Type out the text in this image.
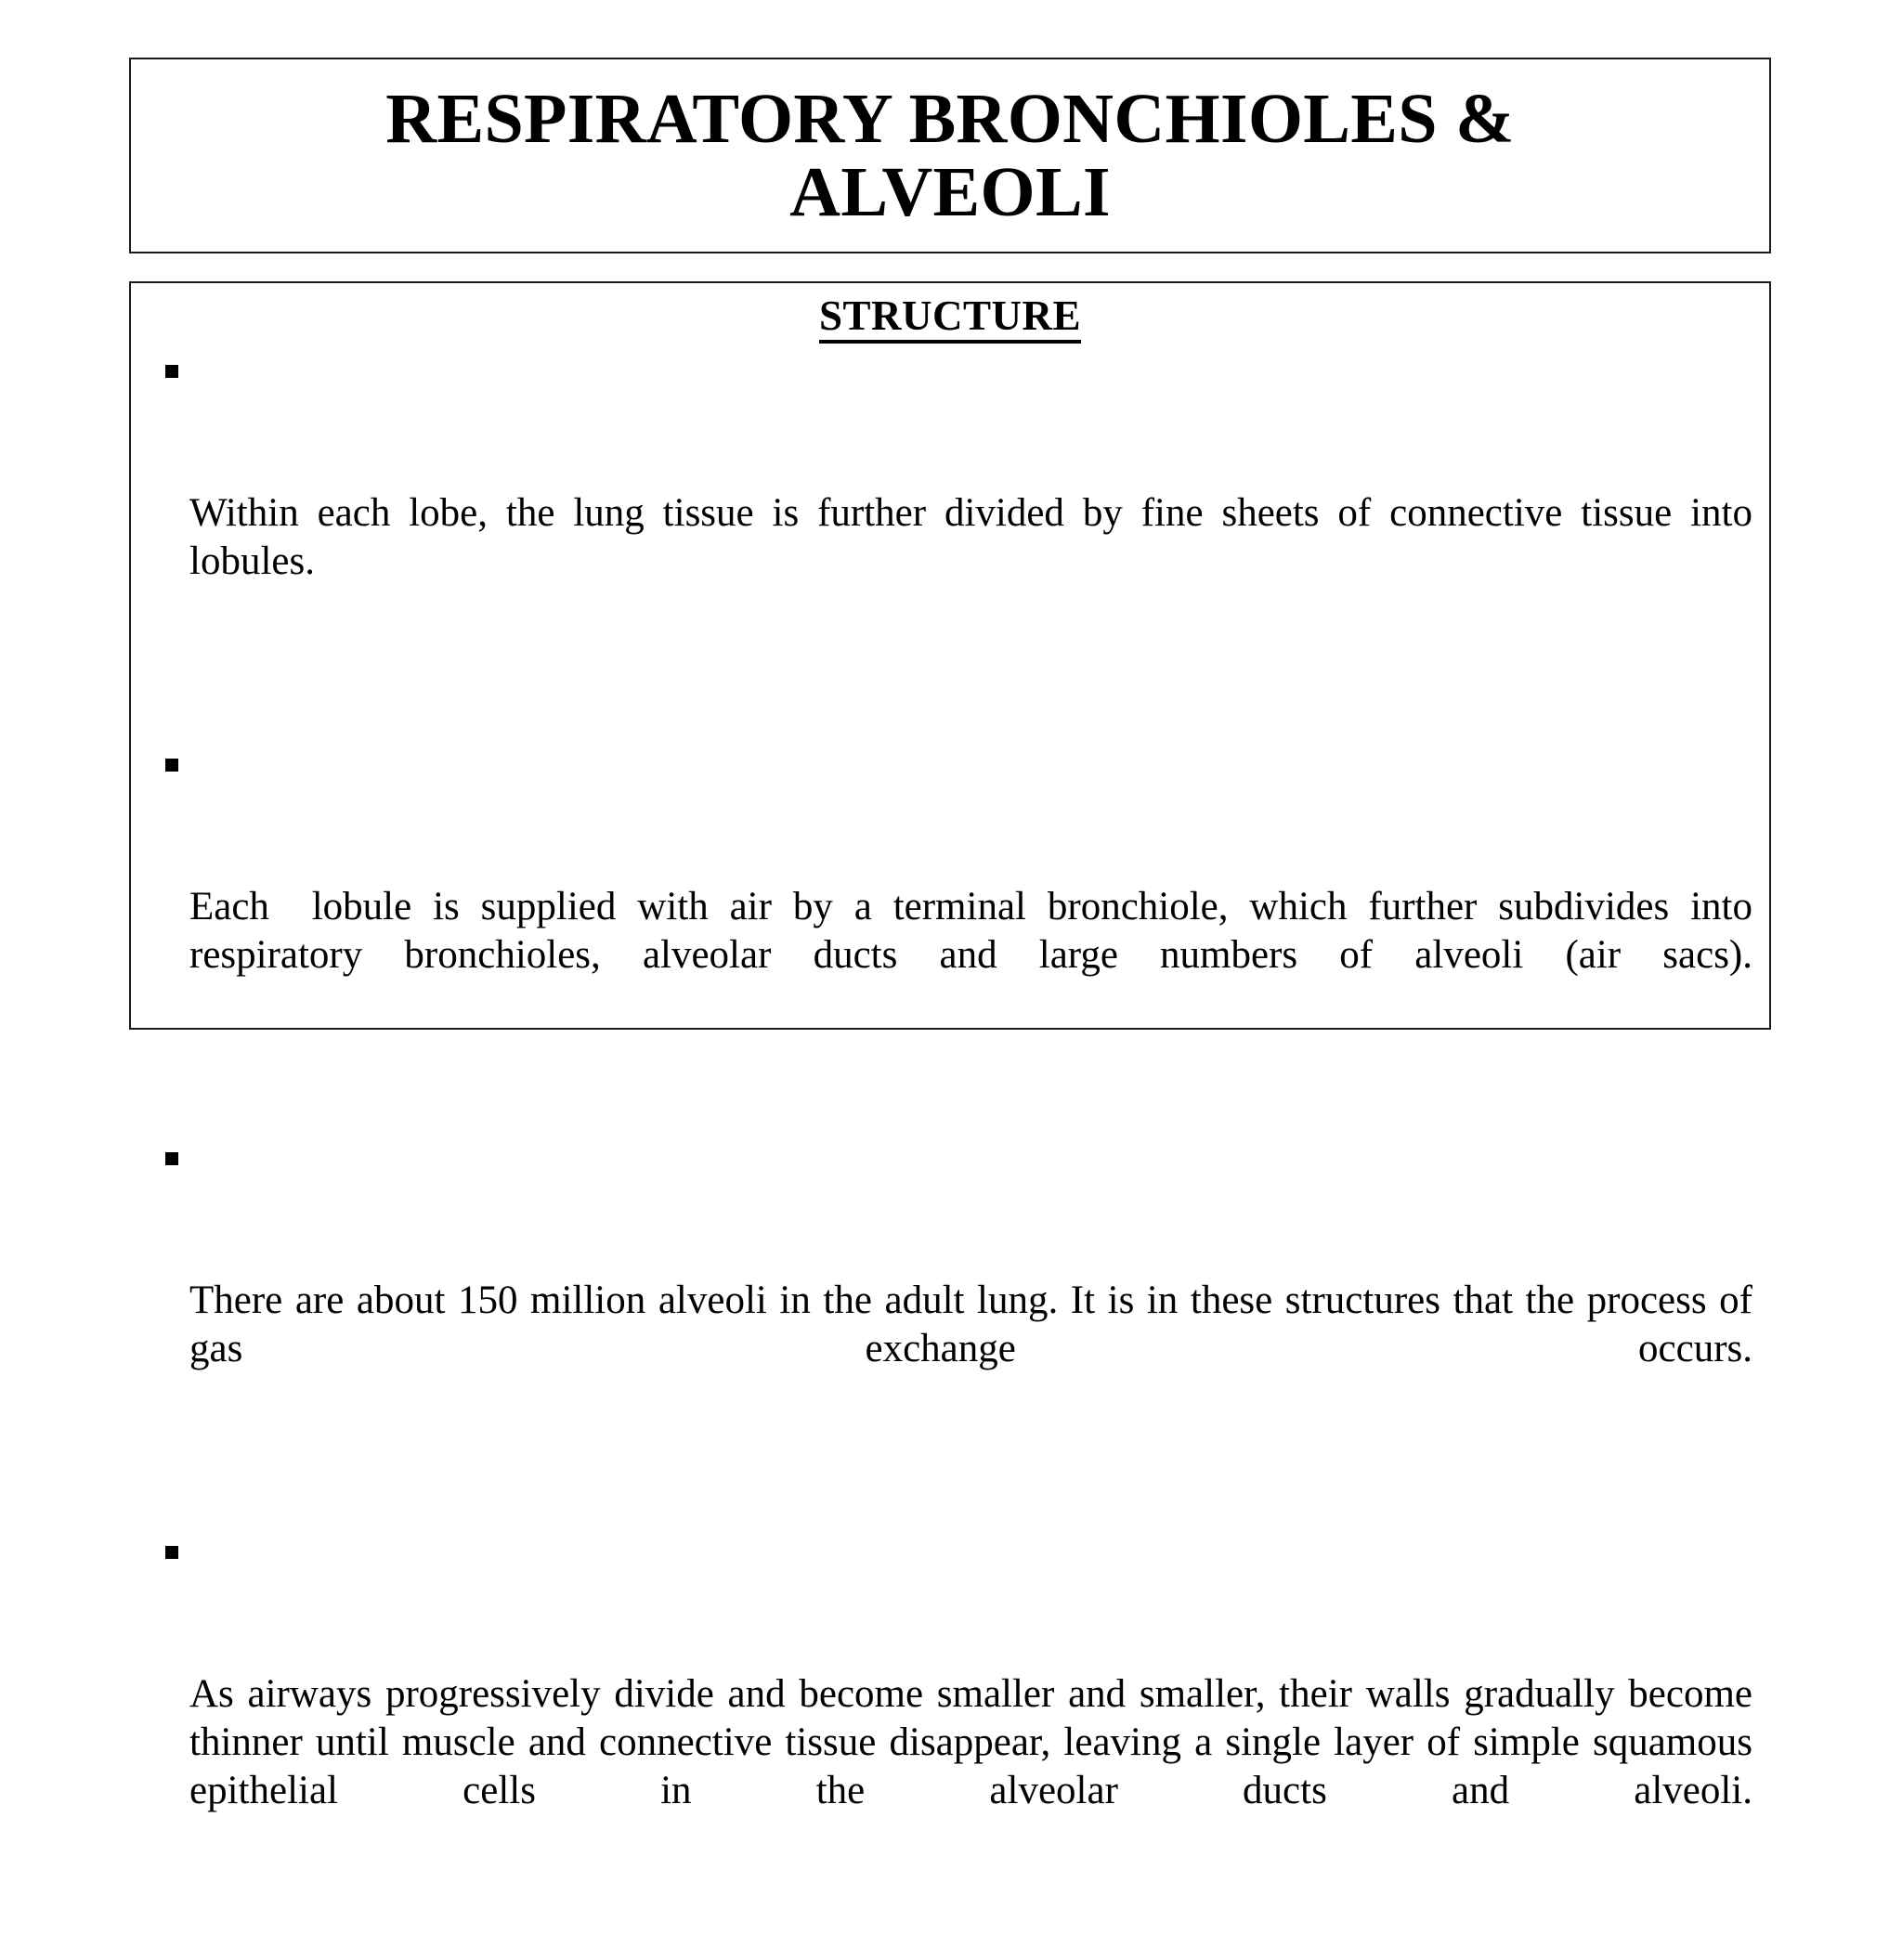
RESPIRATORY BRONCHIOLES &
ALVEOLI
STRUCTURE

Within each lobe, the lung tissue is further divided by fine sheets of connective tissue into lobules.

Each  lobule is supplied with air by a terminal bronchiole, which further subdivides into respiratory bronchioles, alveolar ducts and large numbers of alveoli (air sacs).

There are about 150 million alveoli in the adult lung. It is in these structures that the process of gas exchange occurs.

As airways progressively divide and become smaller and smaller, their walls gradually become thinner until muscle and connective tissue disappear, leaving a single layer of simple squamous epithelial cells in the alveolar ducts and alveoli.
